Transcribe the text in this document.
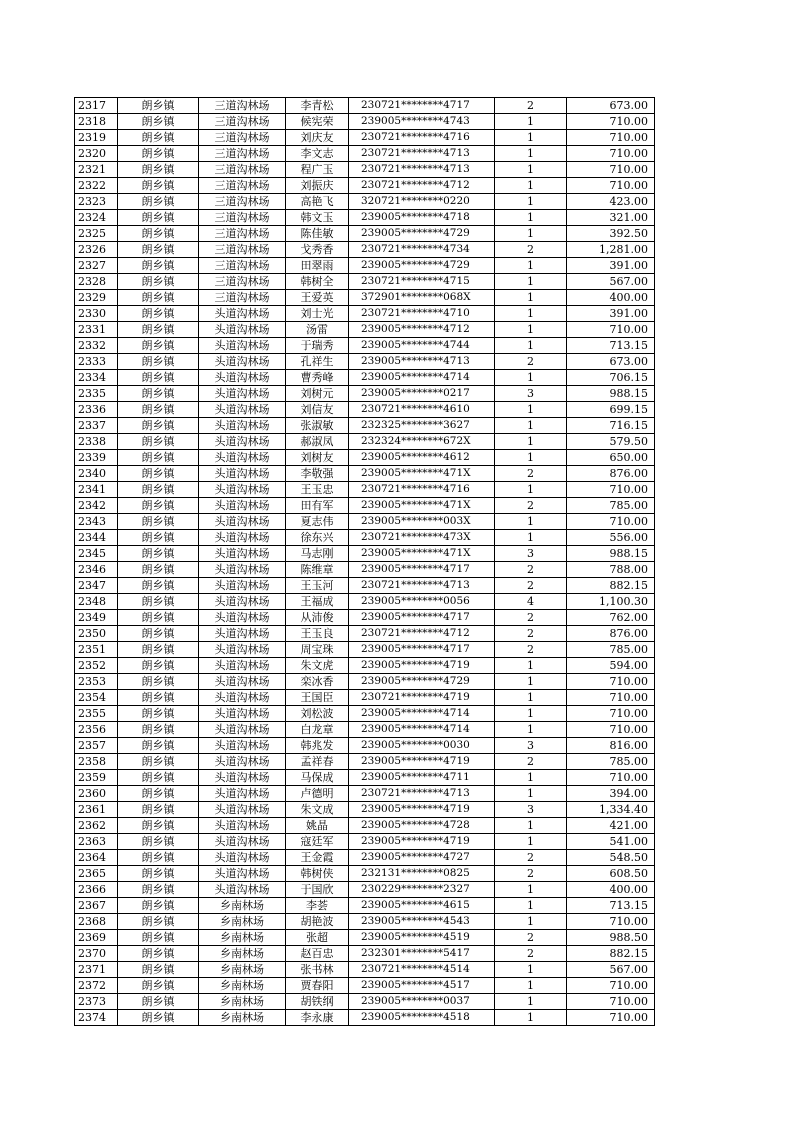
2317	朗乡镇	三道沟林场	李青松	230721********4717	2	673.00
2318	朗乡镇	三道沟林场	候宪荣	239005********4743	1	710.00
2319	朗乡镇	三道沟林场	刘庆友	230721********4716	1	710.00
2320	朗乡镇	三道沟林场	李文志	230721********4713	1	710.00
2321	朗乡镇	三道沟林场	程广玉	230721********4713	1	710.00
2322	朗乡镇	三道沟林场	刘振庆	230721********4712	1	710.00
2323	朗乡镇	三道沟林场	高艳飞	320721********0220	1	423.00
2324	朗乡镇	三道沟林场	韩文玉	239005********4718	1	321.00
2325	朗乡镇	三道沟林场	陈佳敏	239005********4729	1	392.50
2326	朗乡镇	三道沟林场	戈秀香	230721********4734	2	1,281.00
2327	朗乡镇	三道沟林场	田翠雨	239005********4729	1	391.00
2328	朗乡镇	三道沟林场	韩树全	230721********4715	1	567.00
2329	朗乡镇	三道沟林场	王爱英	372901********068X	1	400.00
2330	朗乡镇	头道沟林场	刘士光	230721********4710	1	391.00
2331	朗乡镇	头道沟林场	汤雷	239005********4712	1	710.00
2332	朗乡镇	头道沟林场	于瑞秀	239005********4744	1	713.15
2333	朗乡镇	头道沟林场	孔祥生	239005********4713	2	673.00
2334	朗乡镇	头道沟林场	曹秀峰	239005********4714	1	706.15
2335	朗乡镇	头道沟林场	刘树元	239005********0217	3	988.15
2336	朗乡镇	头道沟林场	刘信友	230721********4610	1	699.15
2337	朗乡镇	头道沟林场	张淑敏	232325********3627	1	716.15
2338	朗乡镇	头道沟林场	郝淑凤	232324********672X	1	579.50
2339	朗乡镇	头道沟林场	刘树友	239005********4612	1	650.00
2340	朗乡镇	头道沟林场	李敬强	239005********471X	2	876.00
2341	朗乡镇	头道沟林场	王玉忠	230721********4716	1	710.00
2342	朗乡镇	头道沟林场	田有军	239005********471X	2	785.00
2343	朗乡镇	头道沟林场	夏志伟	239005********003X	1	710.00
2344	朗乡镇	头道沟林场	徐东兴	230721********473X	1	556.00
2345	朗乡镇	头道沟林场	马志刚	239005********471X	3	988.15
2346	朗乡镇	头道沟林场	陈维章	239005********4717	2	788.00
2347	朗乡镇	头道沟林场	王玉河	230721********4713	2	882.15
2348	朗乡镇	头道沟林场	王福成	239005********0056	4	1,100.30
2349	朗乡镇	头道沟林场	从沛俊	239005********4717	2	762.00
2350	朗乡镇	头道沟林场	王玉良	230721********4712	2	876.00
2351	朗乡镇	头道沟林场	周宝珠	239005********4717	2	785.00
2352	朗乡镇	头道沟林场	朱文虎	239005********4719	1	594.00
2353	朗乡镇	头道沟林场	栾冰香	239005********4729	1	710.00
2354	朗乡镇	头道沟林场	王国臣	230721********4719	1	710.00
2355	朗乡镇	头道沟林场	刘松波	239005********4714	1	710.00
2356	朗乡镇	头道沟林场	白龙章	239005********4714	1	710.00
2357	朗乡镇	头道沟林场	韩兆发	239005********0030	3	816.00
2358	朗乡镇	头道沟林场	孟祥春	239005********4719	2	785.00
2359	朗乡镇	头道沟林场	马保成	239005********4711	1	710.00
2360	朗乡镇	头道沟林场	卢德明	230721********4713	1	394.00
2361	朗乡镇	头道沟林场	朱文成	239005********4719	3	1,334.40
2362	朗乡镇	头道沟林场	姚晶	239005********4728	1	421.00
2363	朗乡镇	头道沟林场	寇廷军	239005********4719	1	541.00
2364	朗乡镇	头道沟林场	王金霞	239005********4727	2	548.50
2365	朗乡镇	头道沟林场	韩树侠	232131********0825	2	608.50
2366	朗乡镇	头道沟林场	于国欣	230229********2327	1	400.00
2367	朗乡镇	乡南林场	李荟	239005********4615	1	713.15
2368	朗乡镇	乡南林场	胡艳波	239005********4543	1	710.00
2369	朗乡镇	乡南林场	张超	239005********4519	2	988.50
2370	朗乡镇	乡南林场	赵百忠	232301********5417	2	882.15
2371	朗乡镇	乡南林场	张书林	230721********4514	1	567.00
2372	朗乡镇	乡南林场	贾春阳	239005********4517	1	710.00
2373	朗乡镇	乡南林场	胡铁纲	239005********0037	1	710.00
2374	朗乡镇	乡南林场	李永康	239005********4518	1	710.00
